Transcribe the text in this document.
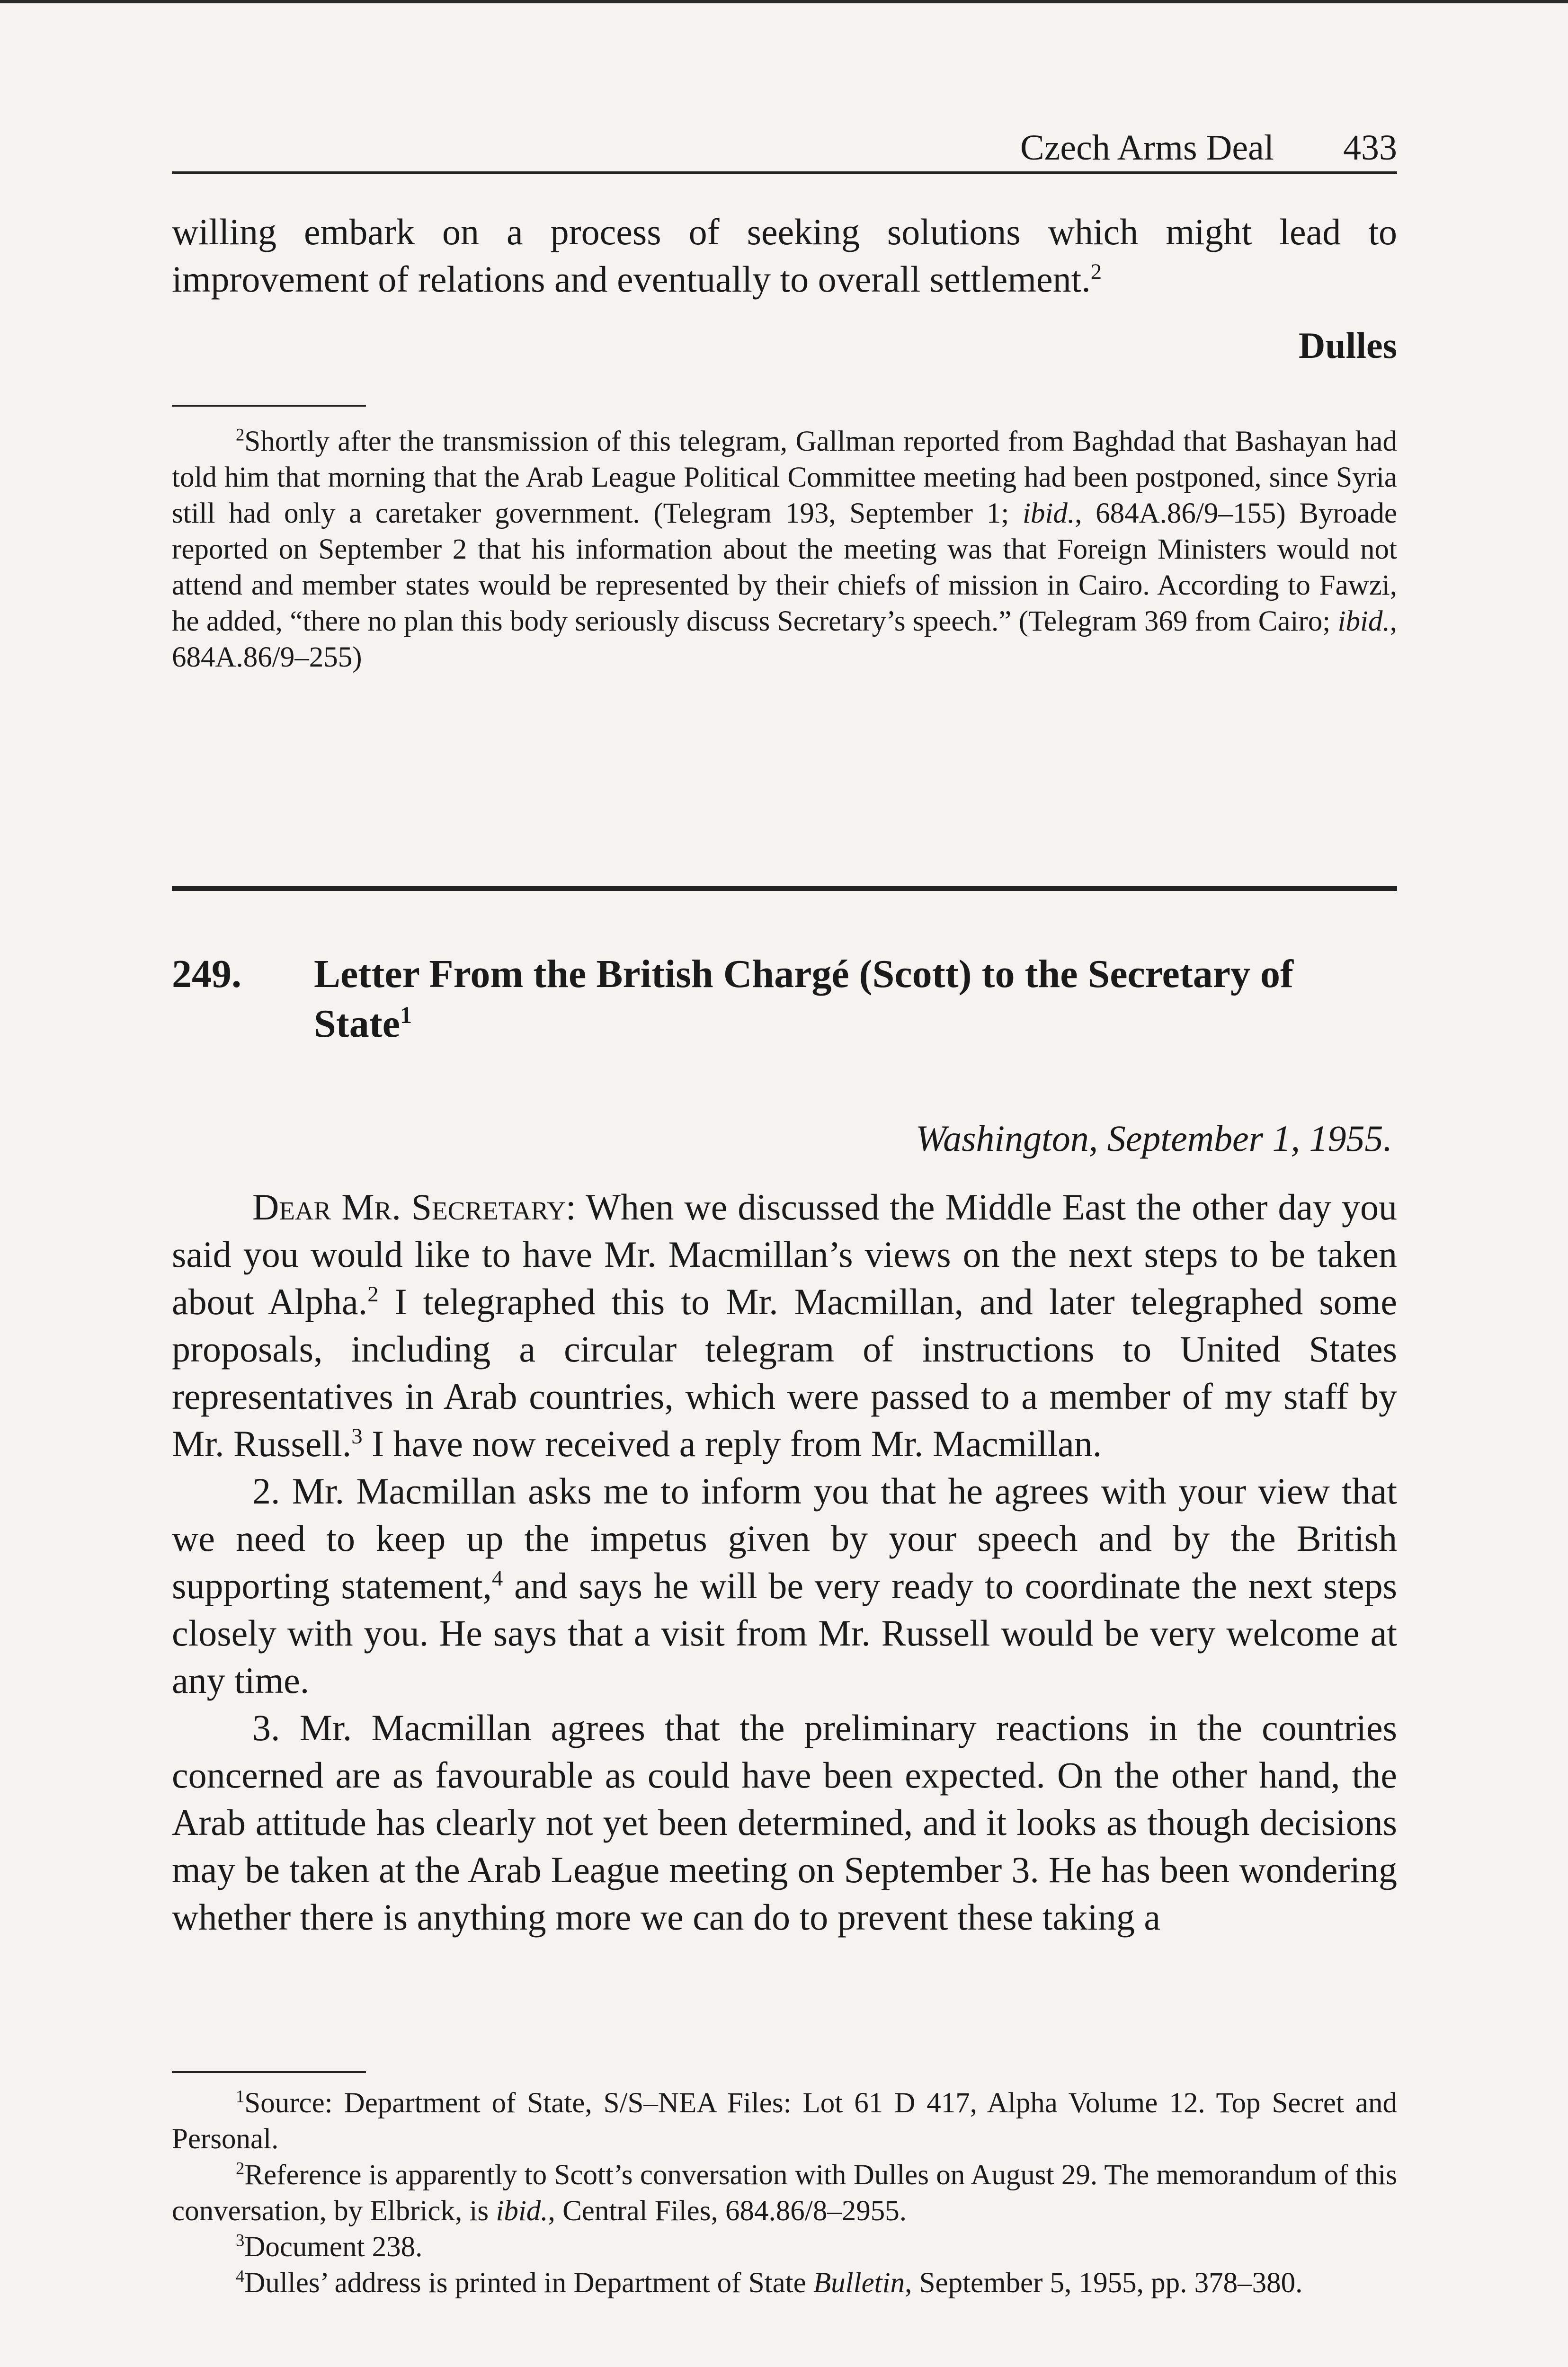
Czech Arms Deal 433
willing embark on a process of seeking solutions which might lead to improvement of relations and eventually to overall settlement.$^2$
Dulles

$^2$Shortly after the transmission of this telegram, Gallman reported from Baghdad that Bashayan had told him that morning that the Arab League Political Committee meeting had been postponed, since Syria still had only a caretaker government. (Telegram 193, September 1; ibid., 684A.86/9–155) Byroade reported on September 2 that his information about the meeting was that Foreign Ministers would not attend and member states would be represented by their chiefs of mission in Cairo. According to Fawzi, he added, “there no plan this body seriously discuss Secretary’s speech.” (Telegram 369 from Cairo; ibid., 684A.86/9–255)

249. Letter From the British Chargé (Scott) to the Secretary of State$^1$
Washington, September 1, 1955.
Dear Mr. Secretary: When we discussed the Middle East the other day you said you would like to have Mr. Macmillan’s views on the next steps to be taken about Alpha.$^2$ I telegraphed this to Mr. Macmillan, and later telegraphed some proposals, including a circular telegram of instructions to United States representatives in Arab countries, which were passed to a member of my staff by Mr. Russell.$^3$ I have now received a reply from Mr. Macmillan.
2. Mr. Macmillan asks me to inform you that he agrees with your view that we need to keep up the impetus given by your speech and by the British supporting statement,$^4$ and says he will be very ready to coordinate the next steps closely with you. He says that a visit from Mr. Russell would be very welcome at any time.
3. Mr. Macmillan agrees that the preliminary reactions in the countries concerned are as favourable as could have been expected. On the other hand, the Arab attitude has clearly not yet been determined, and it looks as though decisions may be taken at the Arab League meeting on September 3. He has been wondering whether there is anything more we can do to prevent these taking a

$^1$Source: Department of State, S/S–NEA Files: Lot 61 D 417, Alpha Volume 12. Top Secret and Personal.

$^2$Reference is apparently to Scott’s conversation with Dulles on August 29. The memorandum of this conversation, by Elbrick, is ibid., Central Files, 684.86/8–2955.

$^3$Document 238.

$^4$Dulles’ address is printed in Department of State Bulletin, September 5, 1955, pp. 378–380.
